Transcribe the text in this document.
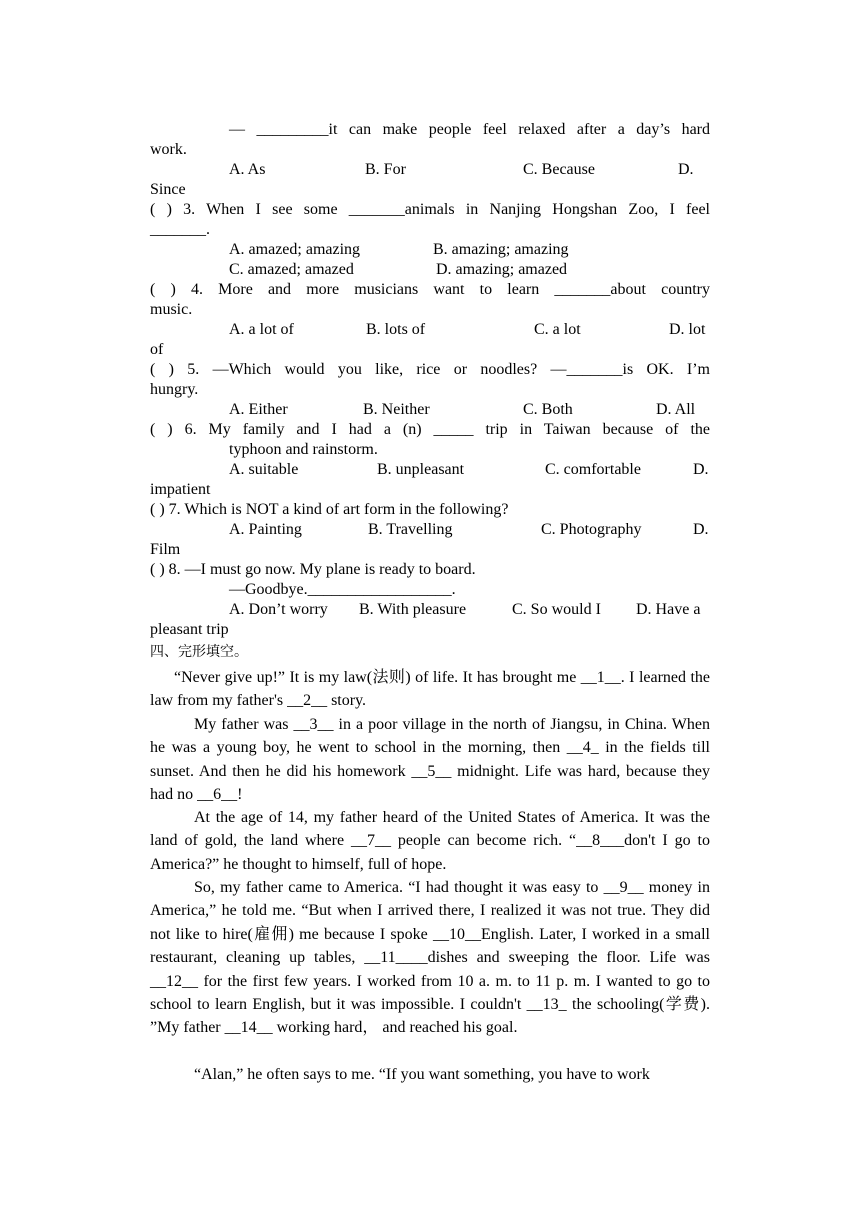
— _________it can make people feel relaxed after a day’s hard
work.
A. As	B. For	C. Because	D.
Since
( ) 3. When I see some _______animals in Nanjing Hongshan Zoo, I feel
_______.
A. amazed; amazing	B. amazing; amazing
C. amazed; amazed	D. amazing; amazed
( ) 4. More and more musicians want to learn _______about country
music.
A. a lot of	B. lots of	C. a lot	D. lot
of
( ) 5. —Which would you like, rice or noodles? —_______is OK. I’m
hungry.
A. Either	B. Neither	C. Both	D. All
( ) 6. My family and I had a (n) _____ trip in Taiwan because of the
typhoon and rainstorm.
A. suitable	B. unpleasant	C. comfortable	D.
impatient
( ) 7. Which is NOT a kind of art form in the following?
A. Painting	B. Travelling	C. Photography	D.
Film
( ) 8. —I must go now. My plane is ready to board.
—Goodbye.__________________.
A. Don’t worry B. With pleasure	C. So would I D. Have a
pleasant trip
四、完形填空。
“Never give up!” It is my law(法则) of life. It has brought me __1__. I learned the law from my father's __2__ story.
My father was __3__ in a poor village in the north of Jiangsu, in China. When he was a young boy, he went to school in the morning, then __4_ in the fields till sunset. And then he did his homework __5__ midnight. Life was hard, because they had no __6__!
At the age of 14, my father heard of the United States of America. It was the land of gold, the land where __7__ people can become rich. “__8___don't I go to America?” he thought to himself, full of hope.
So, my father came to America. “I had thought it was easy to __9__ money in America,” he told me. “But when I arrived there, I realized it was not true. They did not like to hire(雇佣) me because I spoke __10__English. Later, I worked in a small restaurant, cleaning up tables, __11____dishes and sweeping the floor. Life was __12__ for the first few years. I worked from 10 a. m. to 11 p. m. I wanted to go to school to learn English, but it was impossible. I couldn't __13_ the schooling(学费). ”My father __14__ working hard， and reached his goal.
“Alan,” he often says to me. “If you want something, you have to work
